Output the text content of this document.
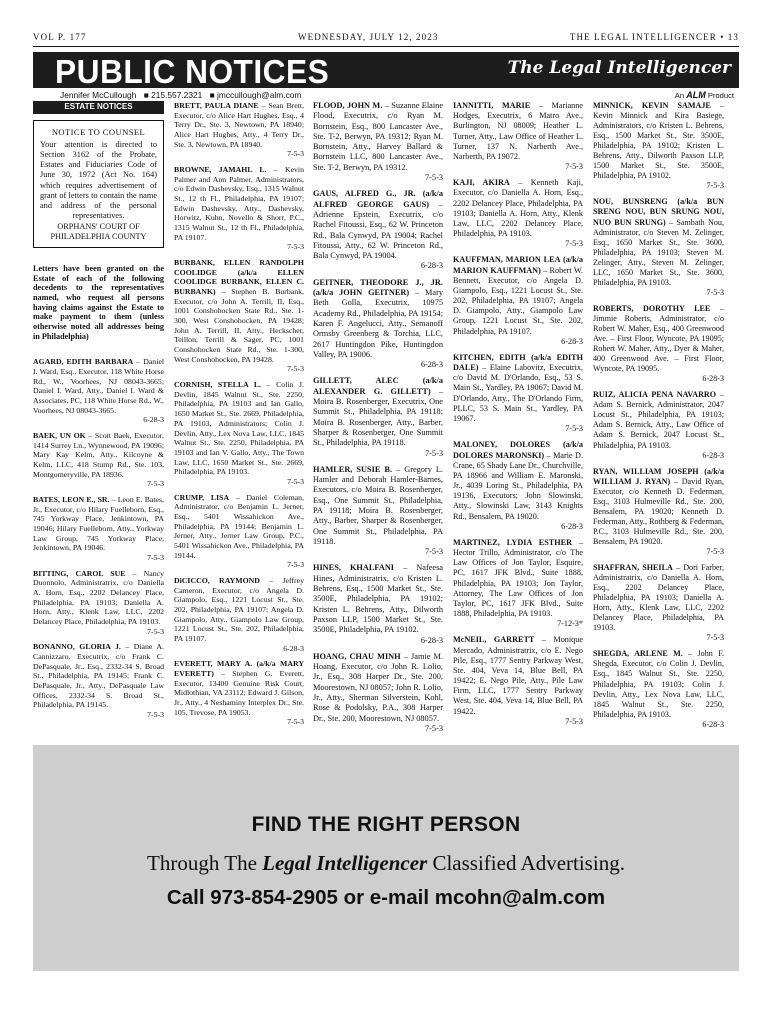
VOL P. 177	WEDNESDAY, JULY 12, 2023	THE LEGAL INTELLIGENCER • 13
PUBLIC NOTICES	The Legal Intelligencer
Jennifer McCullough ■ 215.557.2321 ■ jmccullough@alm.com	An ALM Product
ESTATE NOTICES
NOTICE TO COUNSEL
Your attention is directed to Section 3162 of the Probate, Estates and Fiduciaries Code of June 30, 1972 (Act No. 164) which requires advertisement of grant of letters to contain the name and address of the personal representatives.
ORPHANS' COURT OF PHILADELPHIA COUNTY
Letters have been granted on the Estate of each of the following decedents to the representatives named, who request all persons having claims against the Estate to make payment to them (unless otherwise noted all addresses being in Philadelphia)
AGARD, EDITH BARBARA – Daniel I. Ward, Esq., Executor, 118 White Horse Rd., W., Voorhees, NJ 08043-3665; Daniel I. Ward, Atty., Daniel I. Ward & Associates, PC, 118 White Horse Rd., W., Voorhees, NJ 08043-3665.
6-28-3
BAEK, UN OK – Scott Baek, Executor, 1414 Surrey Ln., Wynnewood, PA 19096; Mary Kay Kelm, Atty., Kilcoyne & Kelm, LLC, 418 Stump Rd., Ste. 103, Montgomeryville, PA 18936.
7-5-3
BATES, LEON E., SR. – Leon E. Bates, Jr., Executor, c/o Hilary Fuelleborn, Esq., 745 Yorkway Place, Jenkintown, PA 19046; Hilary Fuelleborn, Atty., Yorkway Law Group, 745 Yorkway Place, Jenkintown, PA 19046.
7-5-3
BITTING, CAROL SUE – Nancy Duonnolo, Administratrix, c/o Daniella A. Horn, Esq., 2202 Delancey Place, Philadelphia, PA 19103; Daniella A. Horn, Atty., Klenk Law, LLC, 2202 Delancey Place, Philadelphia, PA 19103.
7-5-3
BONANNO, GLORIA J. – Diane A. Cannizzaro, Executrix, c/o Frank C. DePasquale, Jr., Esq., 2332-34 S. Broad St., Philadelphia, PA 19145; Frank C. DePasquale, Jr., Atty., DePasquale Law Offices, 2332-34 S. Broad St., Philadelphia, PA 19145.
7-5-3
BRETT, PAULA DIANE – Sean Brett, Executor, c/o Alice Hart Hughes, Esq., 4 Terry Dr., Ste. 3, Newtown, PA 18940; Alice Hart Hughes, Atty., 4 Terry Dr., Ste. 3, Newtown, PA 18940.
7-5-3
BROWNE, JAMAHL L. – Kevin Palmer and Ann Palmer, Administrators, c/o Edwin Dashevsky, Esq., 1315 Walnut St., 12 th Fl., Philadelphia, PA 19107; Edwin Dashevsky, Atty., Dashevsky, Horwitz, Kuhn, Novello & Shorr, P.C., 1315 Walnut St., 12 th Fl., Philadelphia, PA 19107.
7-5-3
BURBANK, ELLEN RANDOLPH COOLIDGE (a/k/a ELLEN COOLIDGE BURBANK, ELLEN C. BURBANK) – Stephen B. Burbank, Executor, c/o John A. Terrill, II, Esq., 1001 Conshohocken State Rd., Ste. 1-300, West Conshohocken, PA 19428; John A. Terrill, II, Atty., Heckscher, Teillon, Terrill & Sager, PC, 1001 Conshohocken State Rd., Ste. 1-300, West Conshohocken, PA 19428.
7-5-3
CORNISH, STELLA L. – Colin J. Devlin, 1845 Walnut St., Ste. 2250, Philadelphia, PA 19103 and Ian Gallo, 1650 Market St., Ste. 2669, Philadelphia, PA 19103, Administrators; Colin J. Devlin, Atty., Lex Nova Law, LLC, 1845 Walnut St., Ste. 2250, Philadelphia, PA 19103 and Ian V. Gallo, Atty., The Town Law, LLC, 1650 Market St., Ste. 2669, Philadelphia, PA 19103.
7-5-3
CRUMP, LISA – Daniel Coleman, Administrator, c/o Benjamin L. Jerner, Esq., 5401 Wissahickon Ave., Philadelphia, PA 19144; Benjamin L. Jerner, Atty., Jerner Law Group, P.C., 5401 Wissahickon Ave., Philadelphia, PA 19144.
7-5-3
DiCICCO, RAYMOND – Jeffrey Cameron, Executor, c/o Angela D. Giampolo, Esq., 1221 Locust St., Ste. 202, Philadelphia, PA 19107; Angela D. Giampolo, Atty., Giampolo Law Group, 1221 Locust St., Ste. 202, Philadelphia, PA 19107.
6-28-3
EVERETT, MARY A. (a/k/a MARY EVERETT) – Stephen G. Everett, Executor, 13400 Genuine Risk Court, Midlothian, VA 23112; Edward J. Gilson, Jr., Atty., 4 Neshaminy Interplex Dr., Ste. 105, Trevose, PA 19053.
7-5-3
FLOOD, JOHN M. – Suzanne Elaine Flood, Executrix, c/o Ryan M. Bornstein, Esq., 800 Lancaster Ave., Ste. T-2, Berwyn, PA 19312; Ryan M. Bornstein, Atty., Harvey Ballard & Bornstein LLC, 800 Lancaster Ave., Ste. T-2, Berwyn, PA 19312.
7-5-3
GAUS, ALFRED G., JR. (a/k/a ALFRED GEORGE GAUS) – Adrienne Epstein, Executrix, c/o Rachel Fitoussi, Esq., 62 W. Princeton Rd., Bala Cynwyd, PA 19004; Rachel Fitoussi, Atty., 62 W. Princeton Rd., Bala Cynwyd, PA 19004.
6-28-3
GEITNER, THEODORE J., JR. (a/k/a JOHN GEITNER) – Mary Beth Golla, Executrix, 10975 Academy Rd., Philadelphia, PA 19154; Karen F. Angelucci, Atty., Semanoff Ormsby Greenberg & Torchia, LLC, 2617 Huntingdon Pike, Huntingdon Valley, PA 19006.
6-28-3
GILLETT, ALEC (a/k/a ALEXANDER G. GILLETT) – Moira B. Rosenberger, Executrix, One Summit St., Philadelphia, PA 19118; Moira B. Rosenberger, Atty., Barber, Sharper & Rosenberger, One Summit St., Philadelphia, PA 19118.
7-5-3
HAMLER, SUSIE B. – Gregory L. Hamler and Deborah Hamler-Barnes, Executors, c/o Moira B. Rosenberger, Esq., One Summit St., Philadelphia, PA 19118; Moira B. Rosenberger, Atty., Barber, Sharper & Rosenberger, One Summit St., Philadelphia, PA 19118.
7-5-3
HINES, KHALFANI – Nafeesa Hines, Administratrix, c/o Kristen L. Behrens, Esq., 1500 Market St., Ste. 3500E, Philadelphia, PA 19102; Kristen L. Behrens, Atty., Dilworth Paxson LLP, 1500 Market St., Ste. 3500E, Philadelphia, PA 19102.
6-28-3
HOANG, CHAU MINH – Jamie M. Hoang, Executor, c/o John R. Lolio, Jr., Esq., 308 Harper Dr., Ste. 200, Moorestown, NJ 08057; John R. Lolio, Jr., Atty., Sherman Silverstein, Kohl, Rose & Podolsky, P.A., 308 Harper Dr., Ste. 200, Moorestown, NJ 08057.
7-5-3
IANNITTI, MARIE – Marianne Hodges, Executrix, 6 Matro Ave., Burlington, NJ 08009; Heather L. Turner, Atty., Law Office of Heather L. Turner, 137 N. Narberth Ave., Narberth, PA 19072.
7-5-3
KAJI, AKIRA – Kenneth Kaji, Executor, c/o Daniella A. Horn, Esq., 2202 Delancey Place, Philadelphia, PA 19103; Daniella A. Horn, Atty., Klenk Law, LLC, 2202 Delancey Place, Philadelphia, PA 19103.
7-5-3
KAUFFMAN, MARION LEA (a/k/a MARION KAUFFMAN) – Robert W. Bennett, Executor, c/o Angela D. Giampolo, Esq., 1221 Locust St., Ste. 202, Philadelphia, PA 19107; Angela D. Giampolo, Atty., Giampolo Law Group, 1221 Locust St., Ste. 202, Philadelphia, PA 19107.
6-28-3
KITCHEN, EDITH (a/k/a EDITH DALE) – Elaine Labovitz, Executrix, c/o David M. D'Orlando, Esq., 53 S. Main St., Yardley, PA 19067; David M. D'Orlando, Atty., The D'Orlando Firm, PLLC, 53 S. Main St., Yardley, PA 19067.
7-5-3
MALONEY, DOLORES (a/k/a DOLORES MARONSKI) – Marie D. Crane, 65 Shady Lane Dr., Churchville, PA 18966 and William E. Maronski, Jr., 4039 Loring St., Philadelphia, PA 19136, Executors; John Slowinski, Atty., Slowinski Law, 3143 Knights Rd., Bensalem, PA 19020.
6-28-3
MARTINEZ, LYDIA ESTHER – Hector Trillo, Administrator, c/o The Law Offices of Jon Taylor, Esquire, PC, 1617 JFK Blvd., Suite 1888, Philadelphia, PA 19103; Jon Taylor, Attorney, The Law Offices of Jon Taylor, PC, 1617 JFK Blvd., Suite 1888, Philadelphia, PA 19103.
7-12-3*
McNEIL, GARRETT – Monique Mercado, Administratrix, c/o E. Nego Pile, Esq., 1777 Sentry Parkway West, Ste. 404, Veva 14, Blue Bell, PA 19422; E. Nego Pile, Atty., Pile Law Firm, LLC, 1777 Sentry Parkway West, Ste. 404, Veva 14, Blue Bell, PA 19422.
7-5-3
MINNICK, KEVIN SAMAJE – Kevin Minnick and Kira Basiege, Administrators, c/o Kristen L. Behrens, Esq., 1500 Market St., Ste. 3500E, Philadelphia, PA 19102; Kristen L. Behrens, Atty., Dilworth Paxson LLP, 1500 Market St., Ste. 3500E, Philadelphia, PA 19102.
7-5-3
NOU, BUNSRENG (a/k/a BUN SRENG NOU, BUN SRUNG NOU, NUO BUN SRUNG) – Sambath Nou, Administrator, c/o Steven M. Zelinger, Esq., 1650 Market St., Ste. 3600, Philadelphia, PA 19103; Steven M. Zelinger, Atty., Steven M. Zelinger, LLC, 1650 Market St., Ste. 3600, Philadelphia, PA 19103.
7-5-3
ROBERTS, DOROTHY LEE – Jimmie Roberts, Administrator, c/o Robert W. Maher, Esq., 400 Greenwood Ave. – First Floor, Wyncote, PA 19095; Robert W. Maher, Atty., Dyer & Maher, 400 Greenwood Ave. – First Floor, Wyncote, PA 19095.
6-28-3
RUIZ, ALICIA PENA NAVARRO – Adam S. Bernick, Administrator, 2047 Locust St., Philadelphia, PA 19103; Adam S. Bernick, Atty., Law Office of Adam S. Bernick, 2047 Locust St., Philadelphia, PA 19103.
6-28-3
RYAN, WILLIAM JOSEPH (a/k/a WILLIAM J. RYAN) – David Ryan, Executor, c/o Kenneth D. Federman, Esq., 3103 Hulmeville Rd., Ste. 200, Bensalem, PA 19020; Kenneth D. Federman, Atty., Rothberg & Federman, P.C., 3103 Hulmeville Rd., Ste. 200, Bensalem, PA 19020.
7-5-3
SHAFFRAN, SHEILA – Dori Farber, Administratrix, c/o Daniella A. Horn, Esq., 2202 Delancey Place, Philadelphia, PA 19103; Daniella A. Horn, Atty., Klenk Law, LLC, 2202 Delancey Place, Philadelphia, PA 19103.
7-5-3
SHEGDA, ARLENE M. – John F. Shegda, Executor, c/o Colin J. Devlin, Esq., 1845 Walnut St., Ste. 2250, Philadelphia, PA 19103; Colin J. Devlin, Atty., Lex Nova Law, LLC, 1845 Walnut St., Ste. 2250, Philadelphia, PA 19103.
6-28-3
FIND THE RIGHT PERSON
Through The Legal Intelligencer Classified Advertising.
Call 973-854-2905 or e-mail mcohn@alm.com
